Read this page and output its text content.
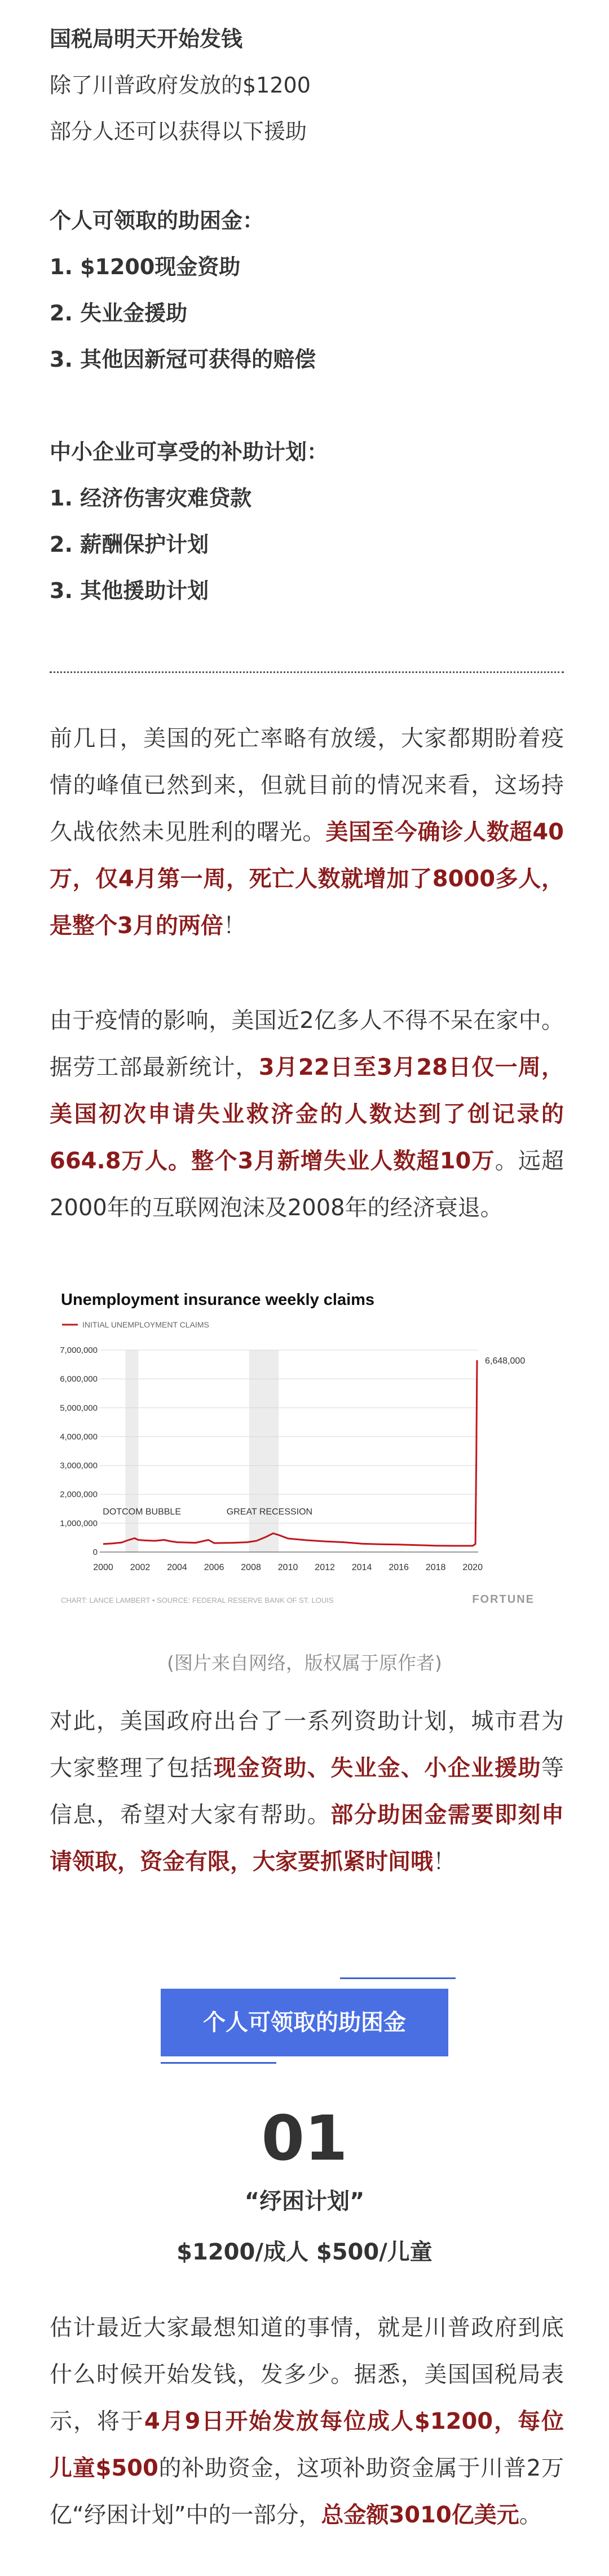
国税局明天开始发钱

除了川普政府发放的$1200

部分人还可以获得以下援助

个人可领取的助困金：

1. $1200现金资助

2. 失业金援助

3. 其他因新冠可获得的赔偿

中小企业可享受的补助计划：

1. 经济伤害灾难贷款

2. 薪酬保护计划

3. 其他援助计划

前几日，美国的死亡率略有放缓，大家都期盼着疫情的峰值已然到来，但就目前的情况来看，这场持久战依然未见胜利的曙光。美国至今确诊人数超40万，仅4月第一周，死亡人数就增加了8000多人，是整个3月的两倍！

由于疫情的影响，美国近2亿多人不得不呆在家中。据劳工部最新统计，3月22日至3月28日仅一周，美国初次申请失业救济金的人数达到了创记录的664.8万人。整个3月新增失业人数超10万。远超2000年的互联网泡沫及2008年的经济衰退。

0
1,000,000
2,000,000
3,000,000
4,000,000
5,000,000
6,000,000
7,000,000
2000 2002 2004 2006 2008 2010 2012 2014 2016 2018 2020
DOTCOM BUBBLE	GREAT RECESSION
6,648,000
Unemployment insurance weekly claims
INITIAL UNEMPLOYMENT CLAIMS
CHART: LANCE LAMBERT • SOURCE: FEDERAL RESERVE BANK OF ST. LOUIS	FORTUNE
(图片来自网络，版权属于原作者)

对此，美国政府出台了一系列资助计划，城市君为大家整理了包括现金资助、失业金、小企业援助等信息，希望对大家有帮助。部分助困金需要即刻申请领取，资金有限，大家要抓紧时间哦！

个人可领取的助困金
01
“纾困计划”
$1200/成人 $500/儿童

估计最近大家最想知道的事情，就是川普政府到底什么时候开始发钱，发多少。据悉，美国国税局表示，将于4月9日开始发放每位成人$1200，每位儿童$500的补助资金，这项补助资金属于川普2万亿“纾困计划”中的一部分，总金额3010亿美元。
